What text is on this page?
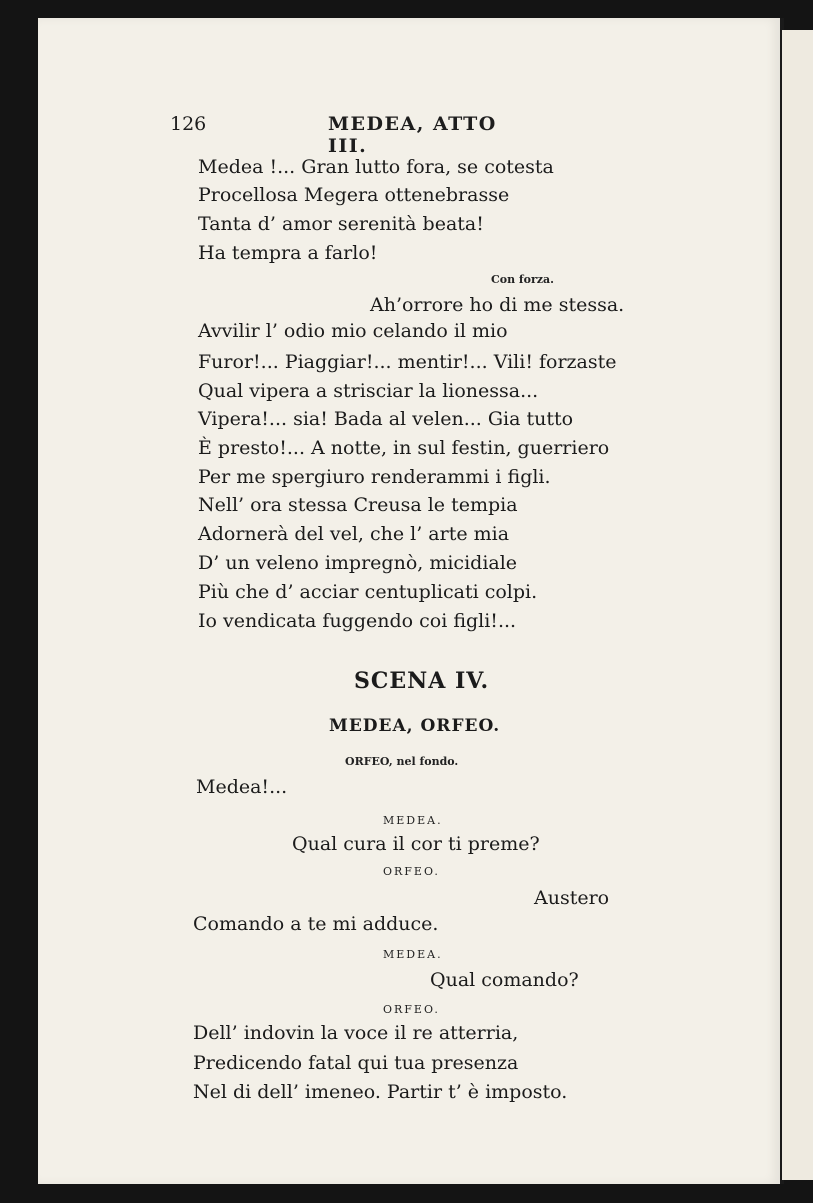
126	MEDEA, ATTO III.
Medea !... Gran lutto fora, se cotesta
Procellosa Megera ottenebrasse
Tanta d’ amor serenità beata!
Ha tempra a farlo!
Con forza.
Ah’orrore ho di me stessa.
Avvilir l’ odio mio celando il mio
Furor!... Piaggiar!... mentir!... Vili! forzaste
Qual vipera a strisciar la lionessa...
Vipera!... sia! Bada al velen... Gia tutto
È presto!... A notte, in sul festin, guerriero
Per me spergiuro renderammi i figli.
Nell’ ora stessa Creusa le tempia
Adornerà del vel, che l’ arte mia
D’ un veleno impregnò, micidiale
Più che d’ acciar centuplicati colpi.
Io vendicata fuggendo coi figli!...
SCENA IV.
MEDEA, ORFEO.
ORFEO, nel fondo.
Medea!...
MEDEA.
Qual cura il cor ti preme?
ORFEO.
Austero
Comando a te mi adduce.
MEDEA.
Qual comando?
ORFEO.
Dell’ indovin la voce il re atterria,
Predicendo fatal qui tua presenza
Nel di dell’ imeneo. Partir t’ è imposto.
